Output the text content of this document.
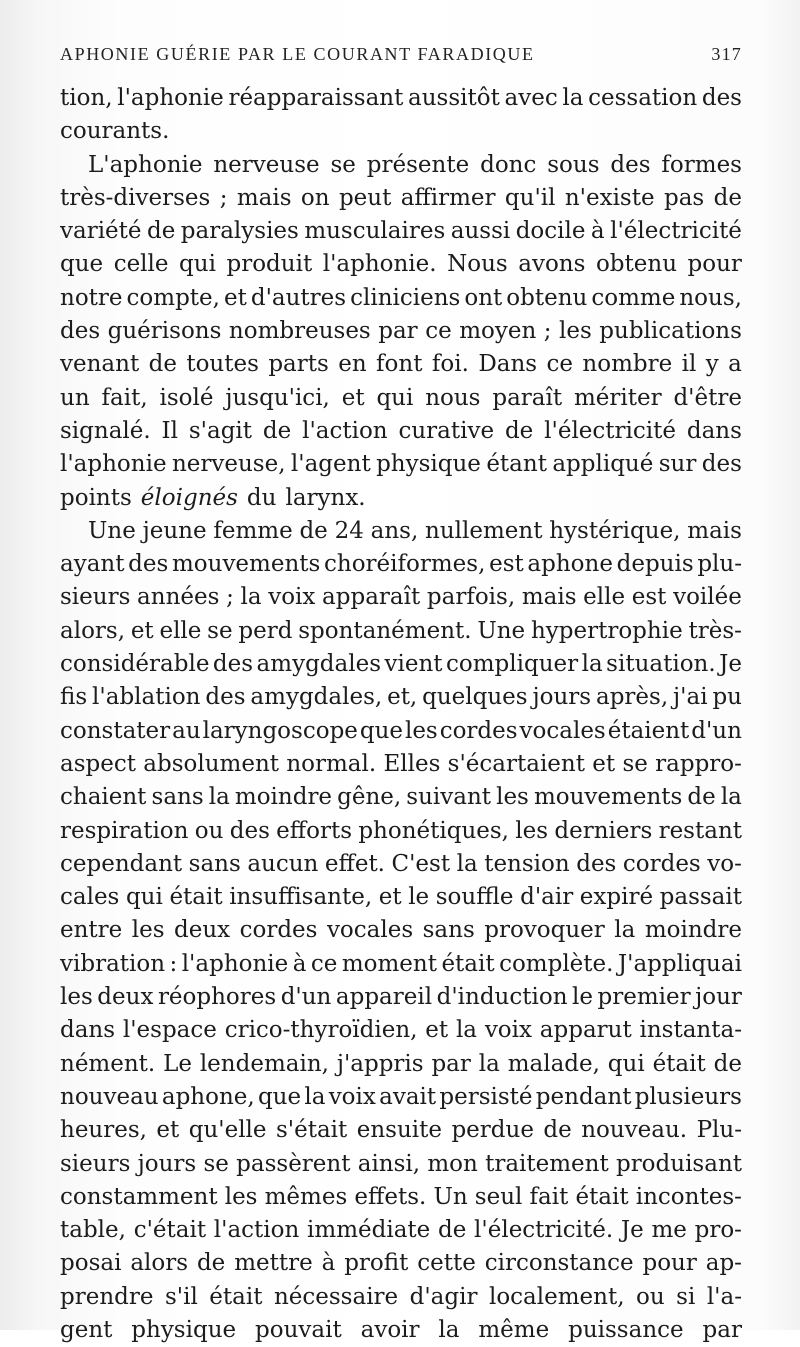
APHONIE GUÉRIE PAR LE COURANT FARADIQUE	317
tion, l'aphonie réapparaissant aussitôt avec la cessation des
courants.
L'aphonie nerveuse se présente donc sous des formes
très-diverses ; mais on peut affirmer qu'il n'existe pas de
variété de paralysies musculaires aussi docile à l'électricité
que celle qui produit l'aphonie. Nous avons obtenu pour
notre compte, et d'autres cliniciens ont obtenu comme nous,
des guérisons nombreuses par ce moyen ; les publications
venant de toutes parts en font foi. Dans ce nombre il y a
un fait, isolé jusqu'ici, et qui nous paraît mériter d'être
signalé. Il s'agit de l'action curative de l'électricité dans
l'aphonie nerveuse, l'agent physique étant appliqué sur des
points éloignés du larynx.
Une jeune femme de 24 ans, nullement hystérique, mais
ayant des mouvements choréiformes, est aphone depuis plu-
sieurs années ; la voix apparaît parfois, mais elle est voilée
alors, et elle se perd spontanément. Une hypertrophie très-
considérable des amygdales vient compliquer la situation. Je
fis l'ablation des amygdales, et, quelques jours après, j'ai pu
constater au laryngoscope que les cordes vocales étaient d'un
aspect absolument normal. Elles s'écartaient et se rappro-
chaient sans la moindre gêne, suivant les mouvements de la
respiration ou des efforts phonétiques, les derniers restant
cependant sans aucun effet. C'est la tension des cordes vo-
cales qui était insuffisante, et le souffle d'air expiré passait
entre les deux cordes vocales sans provoquer la moindre
vibration : l'aphonie à ce moment était complète. J'appliquai
les deux réophores d'un appareil d'induction le premier jour
dans l'espace crico-thyroïdien, et la voix apparut instanta-
nément. Le lendemain, j'appris par la malade, qui était de
nouveau aphone, que la voix avait persisté pendant plusieurs
heures, et qu'elle s'était ensuite perdue de nouveau. Plu-
sieurs jours se passèrent ainsi, mon traitement produisant
constamment les mêmes effets. Un seul fait était incontes-
table, c'était l'action immédiate de l'électricité. Je me pro-
posai alors de mettre à profit cette circonstance pour ap-
prendre s'il était nécessaire d'agir localement, ou si l'a-
gent physique pouvait avoir la même puissance par
